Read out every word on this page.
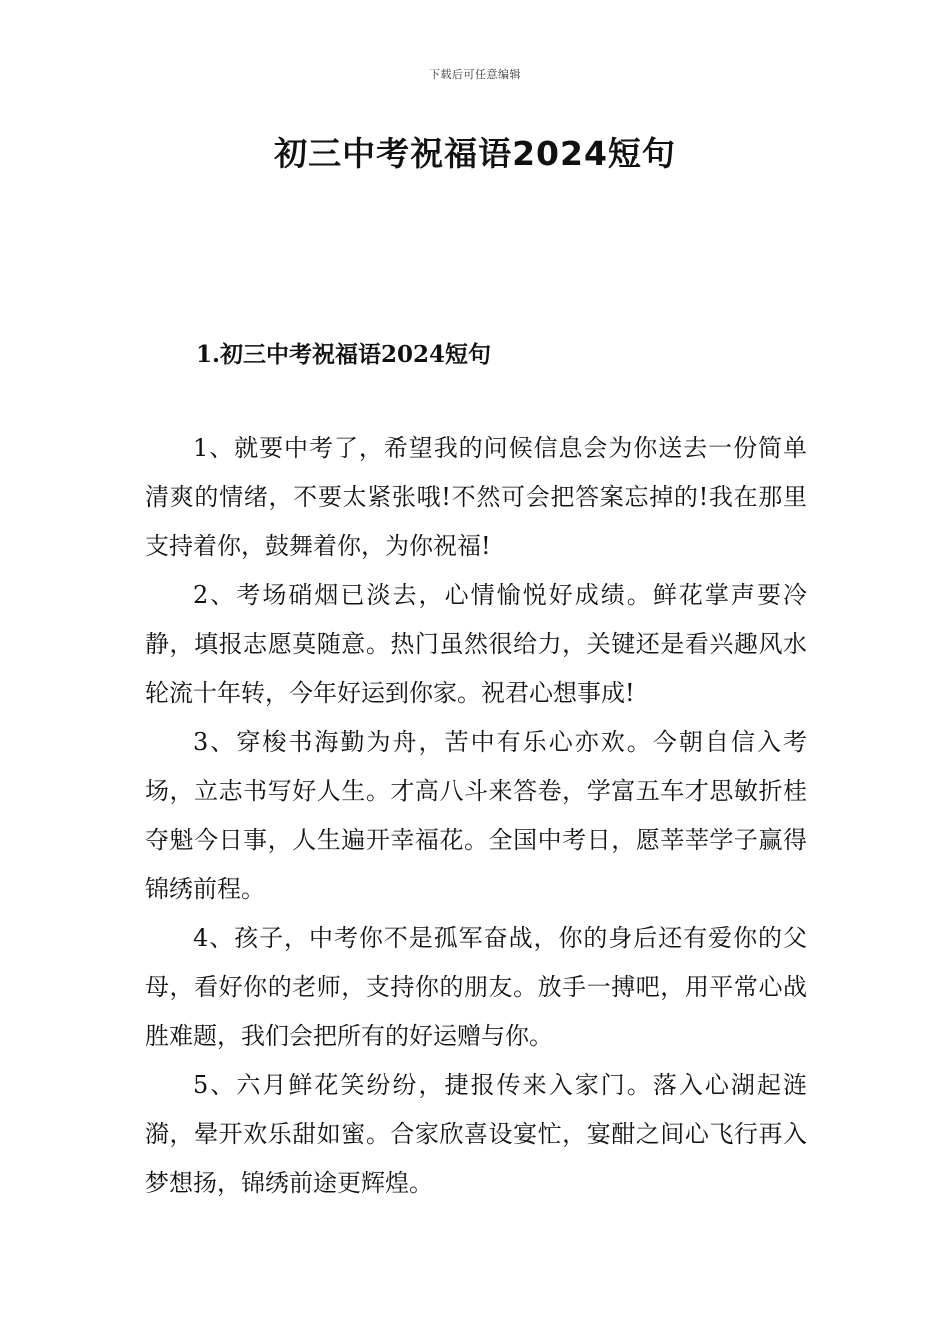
下载后可任意编辑
初三中考祝福语2024短句
1.初三中考祝福语2024短句

1、就要中考了，希望我的问候信息会为你送去一份简单清爽的情绪，不要太紧张哦!不然可会把答案忘掉的!我在那里支持着你，鼓舞着你，为你祝福!

2、考场硝烟已淡去，心情愉悦好成绩。鲜花掌声要冷静，填报志愿莫随意。热门虽然很给力，关键还是看兴趣风水轮流十年转，今年好运到你家。祝君心想事成!

3、穿梭书海勤为舟，苦中有乐心亦欢。今朝自信入考场，立志书写好人生。才高八斗来答卷，学富五车才思敏折桂夺魁今日事，人生遍开幸福花。全国中考日，愿莘莘学子赢得锦绣前程。

4、孩子，中考你不是孤军奋战，你的身后还有爱你的父母，看好你的老师，支持你的朋友。放手一搏吧，用平常心战胜难题，我们会把所有的好运赠与你。

5、六月鲜花笑纷纷，捷报传来入家门。落入心湖起涟漪，晕开欢乐甜如蜜。合家欣喜设宴忙，宴酣之间心飞行再入梦想扬，锦绣前途更辉煌。
